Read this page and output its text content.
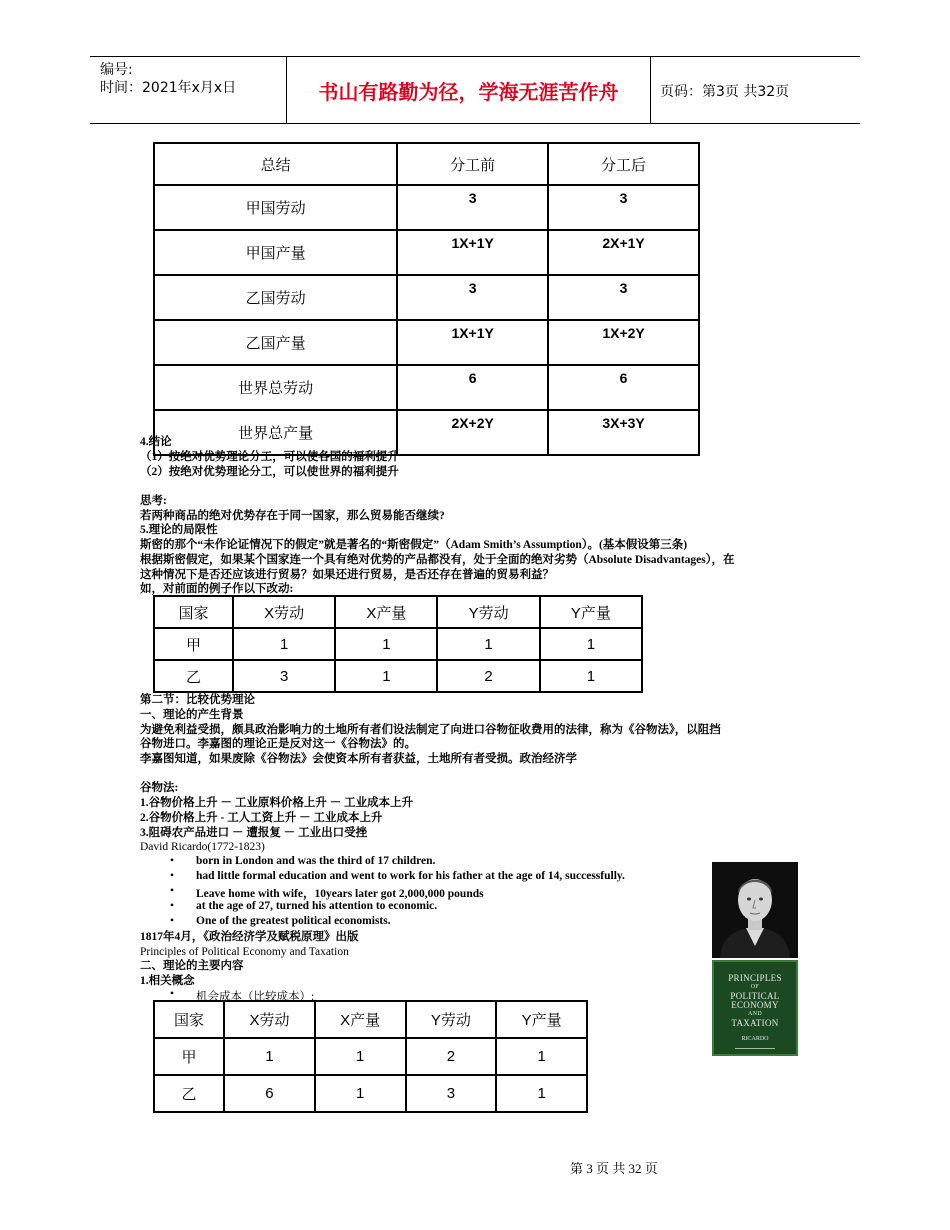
编号:
时间：2021年x月x日	书山有路勤为径，学海无涯苦作舟	页码：第3页 共32页
总结	分工前	分工后
甲国劳动	3	3
甲国产量	1X+1Y	2X+1Y
乙国劳动	3	3
乙国产量	1X+1Y	1X+2Y
世界总劳动	6	6
世界总产量	2X+2Y	3X+3Y
4.结论
（1）按绝对优势理论分工，可以使各国的福利提升
（2）按绝对优势理论分工，可以使世界的福利提升
思考:
若两种商品的绝对优势存在于同一国家，那么贸易能否继续?
5.理论的局限性
斯密的那个“未作论证情况下的假定”就是著名的“斯密假定”（Adam Smith’s Assumption）。(基本假设第三条)
根据斯密假定，如果某个国家连一个具有绝对优势的产品都没有，处于全面的绝对劣势（Absolute Disadvantages），在
这种情况下是否还应该进行贸易？如果还进行贸易，是否还存在普遍的贸易利益？
如，对前面的例子作以下改动:
国家	X劳动	X产量	Y劳动	Y产量
甲	1	1	1	1
乙	3	1	2	1
第二节：比较优势理论
一、理论的产生背景
为避免利益受损，颇具政治影响力的土地所有者们设法制定了向进口谷物征收费用的法律，称为《谷物法》，以阻挡
谷物进口。李嘉图的理论正是反对这一《谷物法》的。
李嘉图知道，如果废除《谷物法》会使资本所有者获益，土地所有者受损。政治经济学
谷物法:
1.谷物价格上升 － 工业原料价格上升 － 工业成本上升
2.谷物价格上升 - 工人工资上升 － 工业成本上升
3.阻碍农产品进口 － 遭报复 － 工业出口受挫
David Ricardo(1772-1823)
• born in London and was the third of 17 children.
• had little formal education and went to work for his father at the age of 14, successfully.
• Leave home with wife，10years later got 2,000,000 pounds
• at the age of 27, turned his attention to economic.
• One of the greatest political economists.
1817年4月，《政治经济学及赋税原理》出版
Principles of Political Economy and Taxation
二、理论的主要内容
1.相关概念
• 机会成本（比较成本）:
国家	X劳动	X产量	Y劳动	Y产量
甲	1	1	2	1
乙	6	1	3	1
PRINCIPLES
OF
POLITICAL
ECONOMY
AND
TAXATION
RICARDO
第 3 页 共 32 页
